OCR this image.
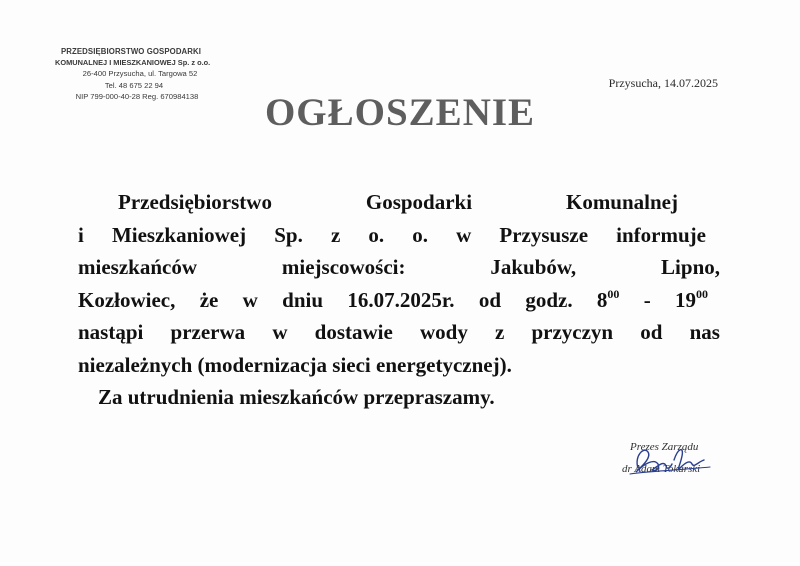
PRZEDSIĘBIORSTWO GOSPODARKI
KOMUNALNEJ I MIESZKANIOWEJ Sp. z o.o.
26-400 Przysucha, ul. Targowa 52
Tel. 48 675 22 94
NIP 799-000-40-28 Reg. 670984138
Przysucha, 14.07.2025
OGŁOSZENIE
Przedsiębiorstwo	Gospodarki	Komunalnej
i Mieszkaniowej Sp. z o. o. w Przysusze informuje
mieszkańców	miejscowości:	Jakubów,	Lipno,
Kozłowiec, że w dniu 16.07.2025r. od godz. $8^{00} - 19^{00}$
nastąpi przerwa w dostawie wody z przyczyn od nas
niezależnych (modernizacja sieci energetycznej).
Za utrudnienia mieszkańców przepraszamy.
Prezes Zarządu
dr Adam Tokarski
